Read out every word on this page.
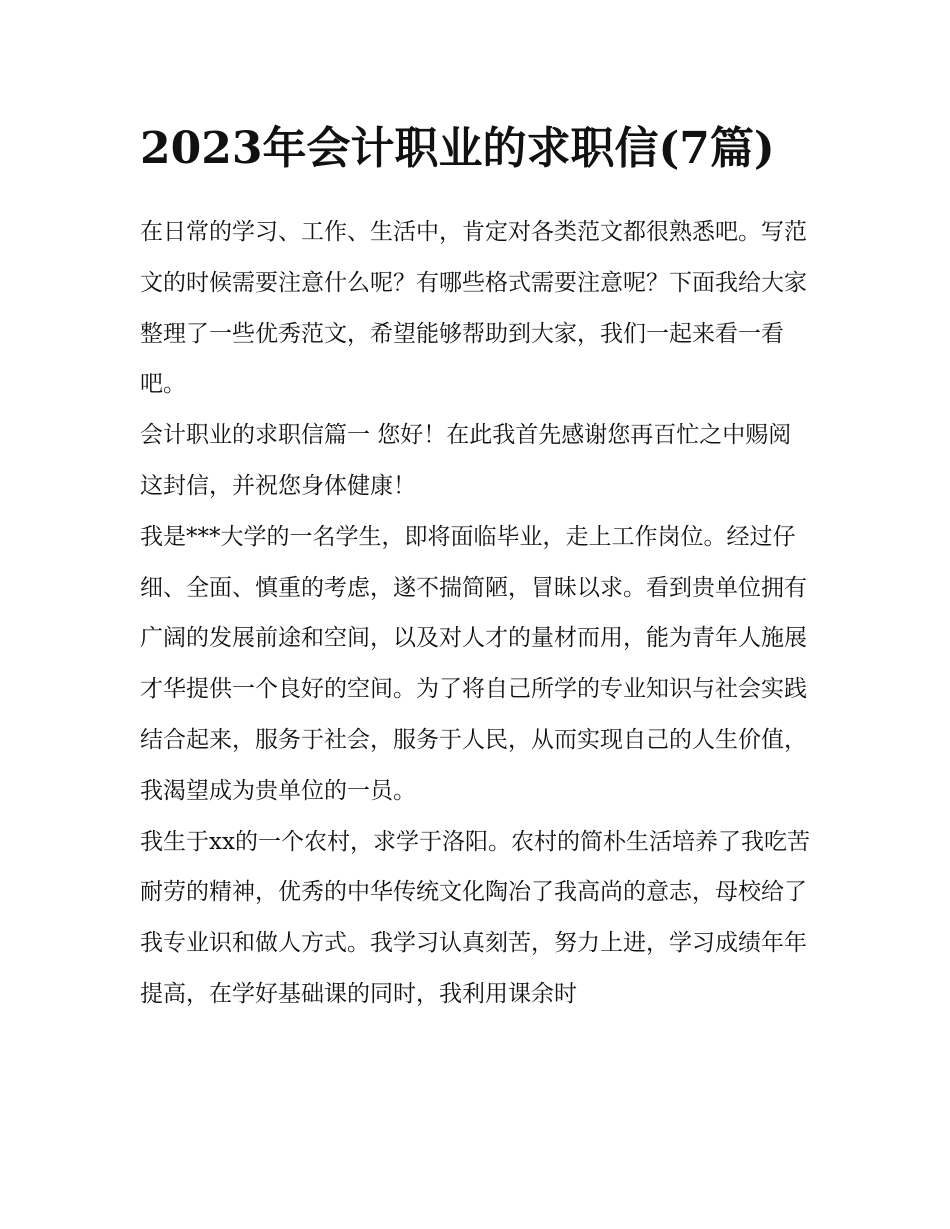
2023年会计职业的求职信(7篇)

在日常的学习、工作、生活中，肯定对各类范文都很熟悉吧。写范文的时候需要注意什么呢？有哪些格式需要注意呢？下面我给大家整理了一些优秀范文，希望能够帮助到大家，我们一起来看一看吧。

会计职业的求职信篇一 您好！在此我首先感谢您再百忙之中赐阅这封信，并祝您身体健康！

我是***大学的一名学生，即将面临毕业，走上工作岗位。经过仔细、全面、慎重的考虑，遂不揣简陋，冒昧以求。看到贵单位拥有广阔的发展前途和空间，以及对人才的量材而用，能为青年人施展才华提供一个良好的空间。为了将自己所学的专业知识与社会实践结合起来，服务于社会，服务于人民，从而实现自己的人生价值，我渴望成为贵单位的一员。

我生于xx的一个农村，求学于洛阳。农村的简朴生活培养了我吃苦耐劳的精神，优秀的中华传统文化陶冶了我高尚的意志，母校给了我专业识和做人方式。我学习认真刻苦，努力上进，学习成绩年年提高，在学好基础课的同时，我利用课余时
